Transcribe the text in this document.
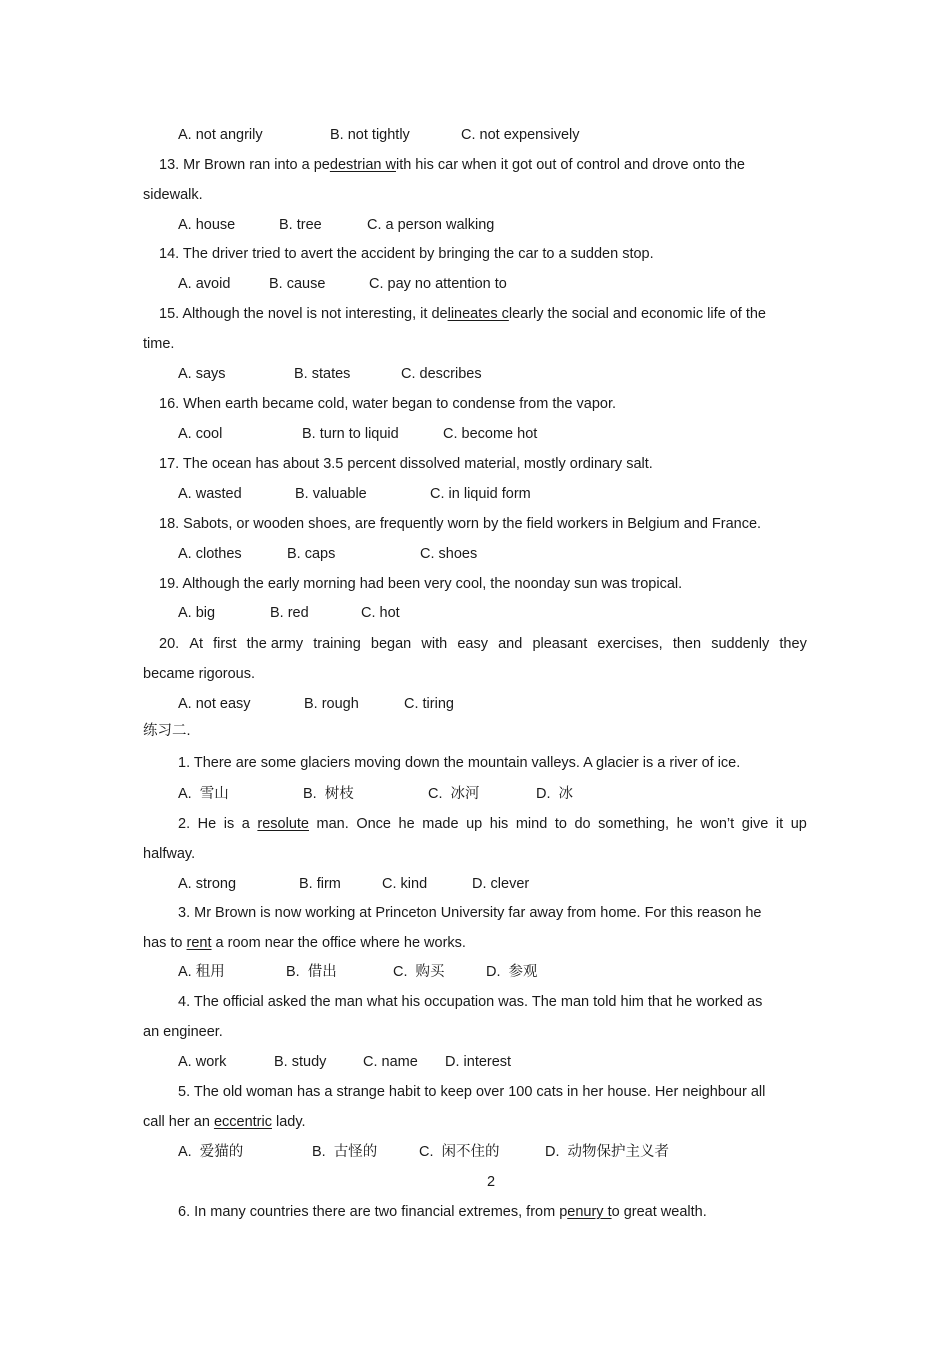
A. not angrily	B. not tightly	C. not expensively
13. Mr Brown ran into a pedestrian with his car when it got out of control and drove onto the
sidewalk.
A. house	B. tree	C. a person walking
14. The driver tried to avert the accident by bringing the car to a sudden stop.
A. avoid	B. cause	C. pay no attention to
15. Although the novel is not interesting, it delineates clearly the social and economic life of the
time.
A. says	B. states	C. describes
16. When earth became cold, water began to condense from the vapor.
A. cool	B. turn to liquid	C. become hot
17. The ocean has about 3.5 percent dissolved material, mostly ordinary salt.
A. wasted	B. valuable	C. in liquid form
18. Sabots, or wooden shoes, are frequently worn by the field workers in Belgium and France.
A. clothes	B. caps	C. shoes
19. Although the early morning had been very cool, the noonday sun was tropical.
A. big	B. red	C. hot
20. At first the army training began with easy and pleasant exercises, then suddenly they
became rigorous.
A. not easy	B. rough	C. tiring
练习二.
1. There are some glaciers moving down the mountain valleys. A glacier is a river of ice.
A.  雪山	B.  树枝	C.  冰河	D.  冰
2. He is a resolute man. Once he made up his mind to do something, he won’t give it up
halfway.
A. strong	B. firm	C. kind	D. clever
3. Mr Brown is now working at Princeton University far away from home. For this reason he
has to rent a room near the office where he works.
A. 租用	B.  借出	C.  购买	D.  参观
4. The official asked the man what his occupation was. The man told him that he worked as
an engineer.
A. work	B. study	C. name D. interest
5. The old woman has a strange habit to keep over 100 cats in her house. Her neighbour all
call her an eccentric lady.
A.  爱猫的	B.  古怪的	C.  闲不住的	D.  动物保护主义者
2
6. In many countries there are two financial extremes, from penury to great wealth.
